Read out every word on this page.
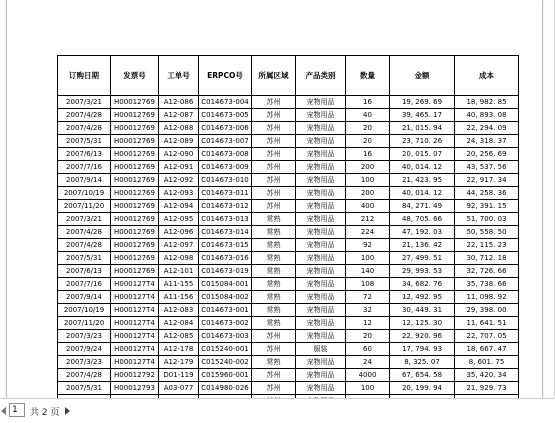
订购日期	发票号	工单号	ERPCO号	所属区域	产品类别	数量	金额	成本
2007/3/21	H00012769	A12-086	C014673-004	苏州	宠物用品	16	19, 269. 69	18, 982. 85
2007/4/28	H00012769	A12-087	C014673-005	苏州	宠物用品	40	39, 465. 17	40, 893. 08
2007/4/28	H00012769	A12-088	C014673-006	苏州	宠物用品	20	21, 015. 94	22, 294. 09
2007/5/31	H00012769	A12-089	C014673-007	苏州	宠物用品	20	23, 710. 26	24, 318. 37
2007/6/13	H00012769	A12-090	C014673-008	苏州	宠物用品	16	20, 015. 07	20, 256. 69
2007/7/16	H00012769	A12-091	C014673-009	苏州	宠物用品	200	40, 014. 12	43, 537. 56
2007/9/14	H00012769	A12-092	C014673-010	苏州	宠物用品	100	21, 423. 95	22, 917. 34
2007/10/19	H00012769	A12-093	C014673-011	苏州	宠物用品	200	40, 014. 12	44, 258. 36
2007/11/20	H00012769	A12-094	C014673-012	苏州	宠物用品	400	84, 271. 49	92, 391. 15
2007/3/21	H00012769	A12-095	C014673-013	常熟	宠物用品	212	48, 705. 66	51, 700. 03
2007/4/28	H00012769	A12-096	C014673-014	常熟	宠物用品	224	47, 192. 03	50, 558. 50
2007/4/28	H00012769	A12-097	C014673-015	常熟	宠物用品	92	21, 136. 42	22, 115. 23
2007/5/31	H00012769	A12-098	C014673-016	常熟	宠物用品	100	27, 499. 51	30, 712. 18
2007/6/13	H00012769	A12-101	C014673-019	常熟	宠物用品	140	29, 993. 53	32, 726. 66
2007/7/16	H000127T4	A11-155	C015084-001	常熟	宠物用品	108	34, 682. 76	35, 738. 66
2007/9/14	H000127T4	A11-156	C015084-002	常熟	宠物用品	72	12, 492. 95	11, 098. 92
2007/10/19	H000127T4	A12-083	C014673-001	常熟	宠物用品	32	30, 449. 31	29, 398. 00
2007/11/20	H000127T4	A12-084	C014673-002	常熟	宠物用品	12	12, 125. 30	11, 641. 51
2007/3/23	H000127T4	A12-085	C014673-003	苏州	宠物用品	20	22, 920. 96	22, 707. 05
2007/9/24	H000127T4	A12-178	C015240-001	苏州	服装	60	17, 794. 93	18, 667. 47
2007/3/23	H000127T4	A12-179	C015240-002	常熟	宠物用品	24	8, 325. 07	8, 601. 75
2007/4/28	H00012792	D01-119	C015960-001	苏州	宠物用品	4000	67, 654. 58	35, 420. 34
2007/5/31	H00012793	A03-077	C014980-026	苏州	宠物用品	100	20, 199. 94	21, 929. 73

1
共 2 页
